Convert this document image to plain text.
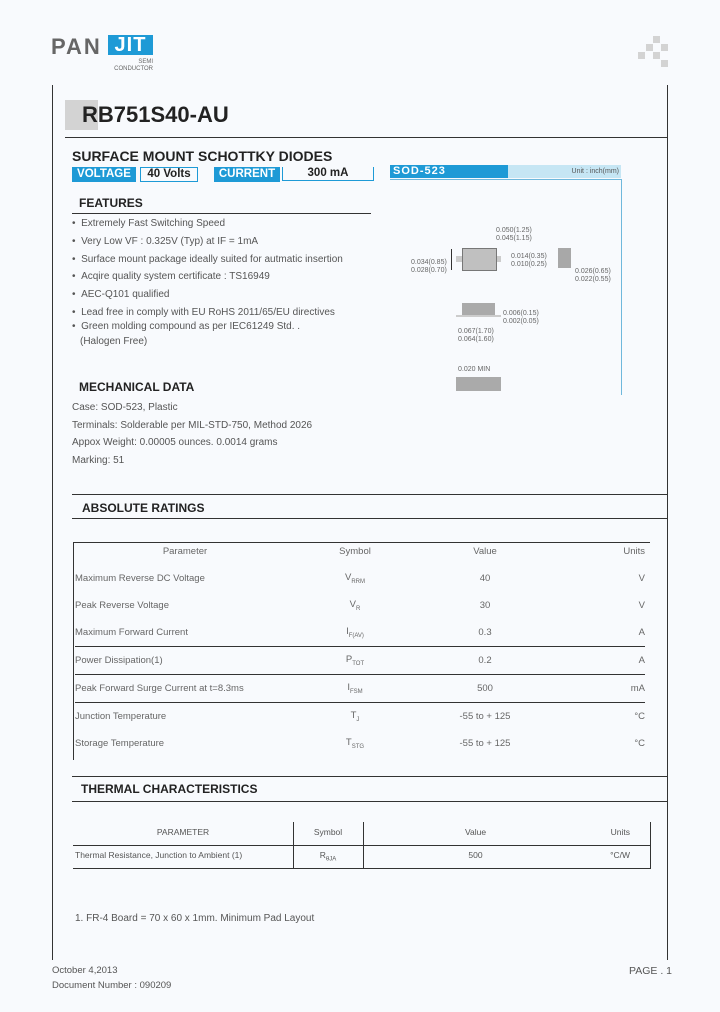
PAN JIT
SEMI
CONDUCTOR
RB751S40-AU
SURFACE MOUNT SCHOTTKY DIODES
VOLTAGE	40 Volts	CURRENT	300 mA
FEATURES
•  Extremely Fast Switching Speed
•  Very Low VF : 0.325V (Typ) at IF = 1mA
•  Surface mount package ideally suited for autmatic insertion
•  Acqire quality system certificate : TS16949
•  AEC-Q101 qualified
•  Lead free in comply with EU RoHS 2011/65/EU directives
•  Green molding compound as per IEC61249 Std. .
(Halogen Free)
MECHANICAL DATA
Case: SOD-523, Plastic
Terminals: Solderable per MIL-STD-750, Method 2026
Appox Weight: 0.00005 ounces. 0.0014 grams
Marking: 51
SOD-523	Unit : inch(mm)
0.050(1.25)
0.045(1.15)
0.034(0.85)
0.028(0.70)
0.014(0.35)
0.010(0.25)
0.026(0.65)
0.022(0.55)
0.006(0.15)
0.002(0.05)
0.067(1.70)
0.064(1.60)
0.020 MIN
ABSOLUTE RATINGS
Parameter	Symbol	Value	Units
Maximum Reverse DC Voltage	$V_{RRM}$	40	V
Peak Reverse Voltage	$V_R$	30	V
Maximum Forward Current	$I_{F(AV)}$	0.3	A
Power Dissipation(1)	$P_{TOT}$	0.2	A
Peak Forward Surge Current at t=8.3ms	$I_{FSM}$	500	mA
Junction Temperature	$T_J$	-55 to + 125	°C
Storage Temperature	$T_{STG}$	-55 to + 125	°C
THERMAL CHARACTERISTICS
PARAMETER	Symbol	Value	Units
Thermal Resistance, Junction to Ambient (1)	$R_{\theta JA}$	500	°C/W
1. FR-4 Board = 70 x 60 x 1mm. Minimum Pad Layout
October 4,2013
Document Number : 090209
PAGE . 1
